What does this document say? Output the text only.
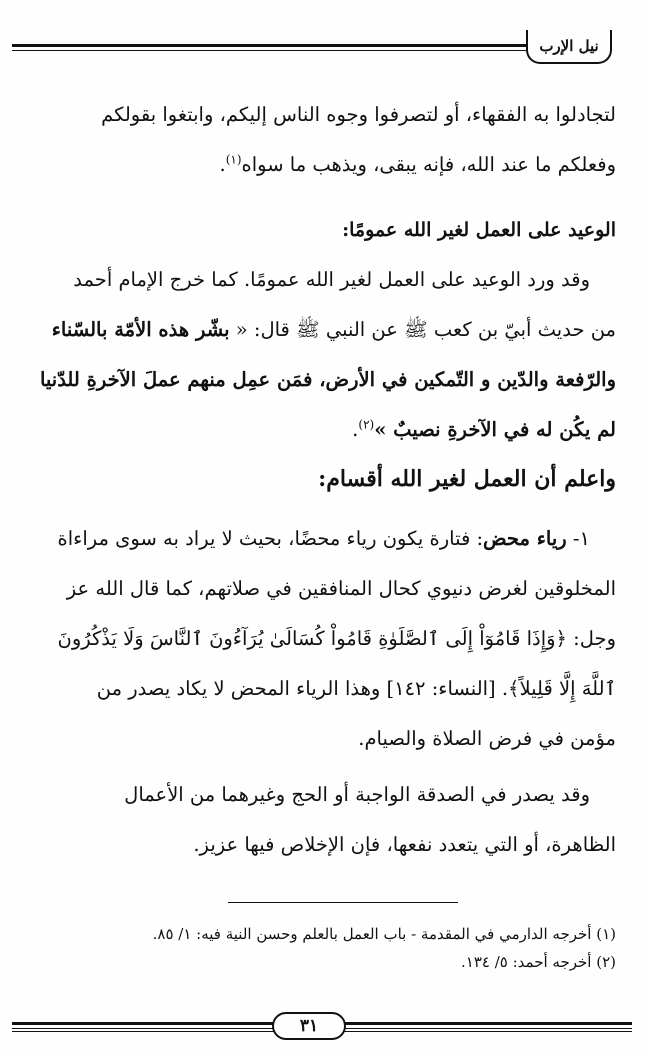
نيل الإرب

لتجادلوا به الفقهاء، أو لتصرفوا وجوه الناس إليكم، وابتغوا بقولكم

وفعلكم ما عند الله، فإنه يبقى، ويذهب ما سواه$^{(١)}$.

الوعيد على العمل لغير الله عمومًا:

وقد ورد الوعيد على العمل لغير الله عمومًا. كما خرج الإمام أحمد

من حديث أبيّ بن كعب ﷺ عن النبي ﷺ قال: « بشّر هذه الأمّة بالسّناء

والرّفعة والدّين و التّمكين في الأرض، فمَن عمِل منهم عملَ الآخرةِ للدّنيا

لم يكُن له في الآخرةِ نصيبٌ »$^{(٢)}$.

واعلم أن العمل لغير الله أقسام:

١- رياء محض: فتارة يكون رياء محضًا، بحيث لا يراد به سوى مراءاة

المخلوقين لغرض دنيوي كحال المنافقين في صلاتهم، كما قال الله عز

وجل: ﴿وَإِذَا قَامُوٓاْ إِلَى ٱلصَّلَوٰةِ قَامُواْ كُسَالَىٰ يُرَآءُونَ ٱلنَّاسَ وَلَا يَذْكُرُونَ

ٱللَّهَ إِلَّا قَلِيلاً﴾. [النساء: ١٤٢] وهذا الرياء المحض لا يكاد يصدر من

مؤمن في فرض الصلاة والصيام.

وقد يصدر في الصدقة الواجبة أو الحج وغيرهما من الأعمال

الظاهرة، أو التي يتعدد نفعها، فإن الإخلاص فيها عزيز.

(١) أخرجه الدارمي في المقدمة - باب العمل بالعلم وحسن النية فيه: ١/ ٨٥.

(٢) أخرجه أحمد: ٥/ ١٣٤.

٣١
